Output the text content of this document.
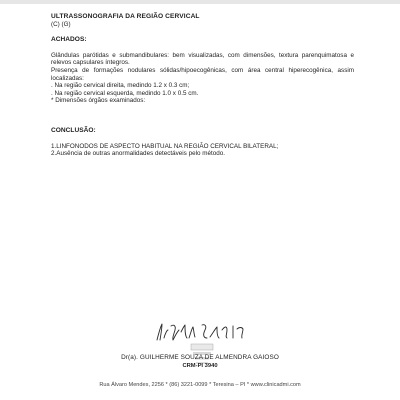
ULTRASSONOGRAFIA DA REGIÃO CERVICAL
(C) (G)
ACHADOS:

Glândulas parótidas e submandibulares: bem visualizadas, com dimensões, textura parenquimatosa e relevos capsulares íntegros.

Presença de formações nodulares sólidas/hipoecogênicas, com área central hiperecogênica, assim localizadas:

. Na região cervical direita, medindo 1.2 x 0.3 cm;

. Na região cervical esquerda, medindo 1.0 x 0.5 cm.

* Dimensões órgãos examinados:

CONCLUSÃO:

1.LINFONODOS DE ASPECTO HABITUAL NA REGIÃO CERVICAL BILATERAL;

2.Ausência de outras anormalidades detectáveis pelo método.

Dr(a). GUILHERME SOUZA DE ALMENDRA GAIOSO
CRM-PI 3940
Rua Álvaro Mendes, 2256 * (86) 3221-0099 * Teresina – PI * www.clinicadmi.com
